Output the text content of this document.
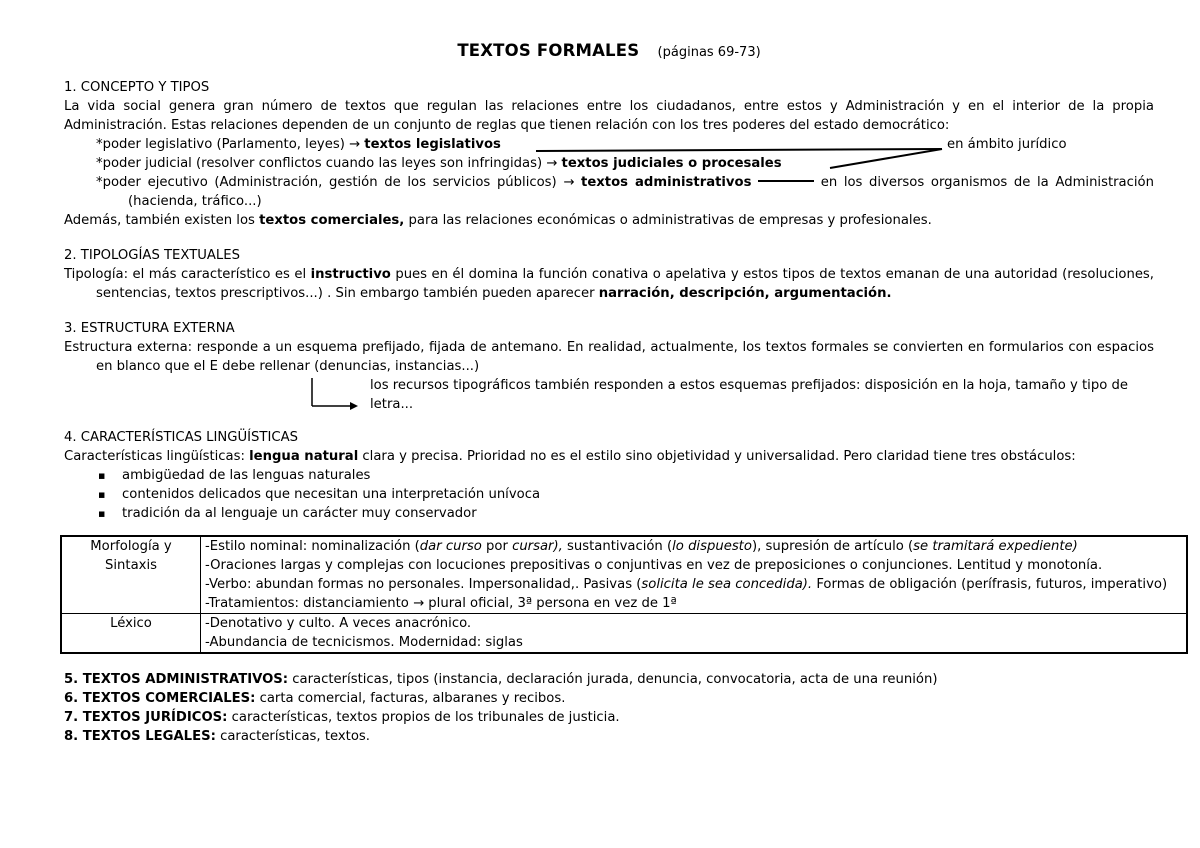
TEXTOS FORMALES (páginas 69-73)

1. CONCEPTO Y TIPOS

La vida social genera gran número de textos que regulan las relaciones entre los ciudadanos, entre estos y Administración y en el interior de la propia Administración. Estas relaciones dependen de un conjunto de reglas que tienen relación con los tres poderes del estado democrático:

*poder legislativo (Parlamento, leyes) → textos legislativos

*poder judicial (resolver conflictos cuando las leyes son infringidas) → textos judiciales o procesales

*poder ejecutivo (Administración, gestión de los servicios públicos) → textos administrativos	en los diversos organismos de la Administración (hacienda, tráfico...)

en ámbito jurídico

Además, también existen los textos comerciales, para las relaciones económicas o administrativas de empresas y profesionales.

2. TIPOLOGÍAS TEXTUALES

Tipología: el más característico es el instructivo pues en él domina la función conativa o apelativa y estos tipos de textos emanan de una autoridad (resoluciones, sentencias, textos prescriptivos...) . Sin embargo también pueden aparecer narración, descripción, argumentación.

3. ESTRUCTURA EXTERNA

Estructura externa: responde a un esquema prefijado, fijada de antemano. En realidad, actualmente, los textos formales se convierten en formularios con espacios en blanco que el E debe rellenar (denuncias, instancias...)

los recursos tipográficos también responden a estos esquemas prefijados: disposición en la hoja, tamaño y tipo de letra...

4. CARACTERÍSTICAS LINGÜÍSTICAS

Características lingüísticas: lengua natural clara y precisa. Prioridad no es el estilo sino objetividad y universalidad. Pero claridad tiene tres obstáculos:

▪ ambigüedad de las lenguas naturales
▪ contenidos delicados que necesitan una interpretación unívoca
▪ tradición da al lenguaje un carácter muy conservador
Morfología y Sintaxis	-Estilo nominal: nominalización (dar curso por cursar), sustantivación (lo dispuesto), supresión de artículo (se tramitará expediente)
-Oraciones largas y complejas con locuciones prepositivas o conjuntivas en vez de preposiciones o conjunciones. Lentitud y monotonía.
-Verbo: abundan formas no personales. Impersonalidad,. Pasivas (solicita le sea concedida). Formas de obligación (perífrasis, futuros, imperativo)
-Tratamientos: distanciamiento → plural oficial, 3ª persona en vez de 1ª

Léxico	-Denotativo y culto. A veces anacrónico.
-Abundancia de tecnicismos. Modernidad: siglas

5. TEXTOS ADMINISTRATIVOS: características, tipos (instancia, declaración jurada, denuncia, convocatoria, acta de una reunión)

6. TEXTOS COMERCIALES: carta comercial, facturas, albaranes y recibos.

7. TEXTOS JURÍDICOS: características, textos propios de los tribunales de justicia.

8. TEXTOS LEGALES: características, textos.
